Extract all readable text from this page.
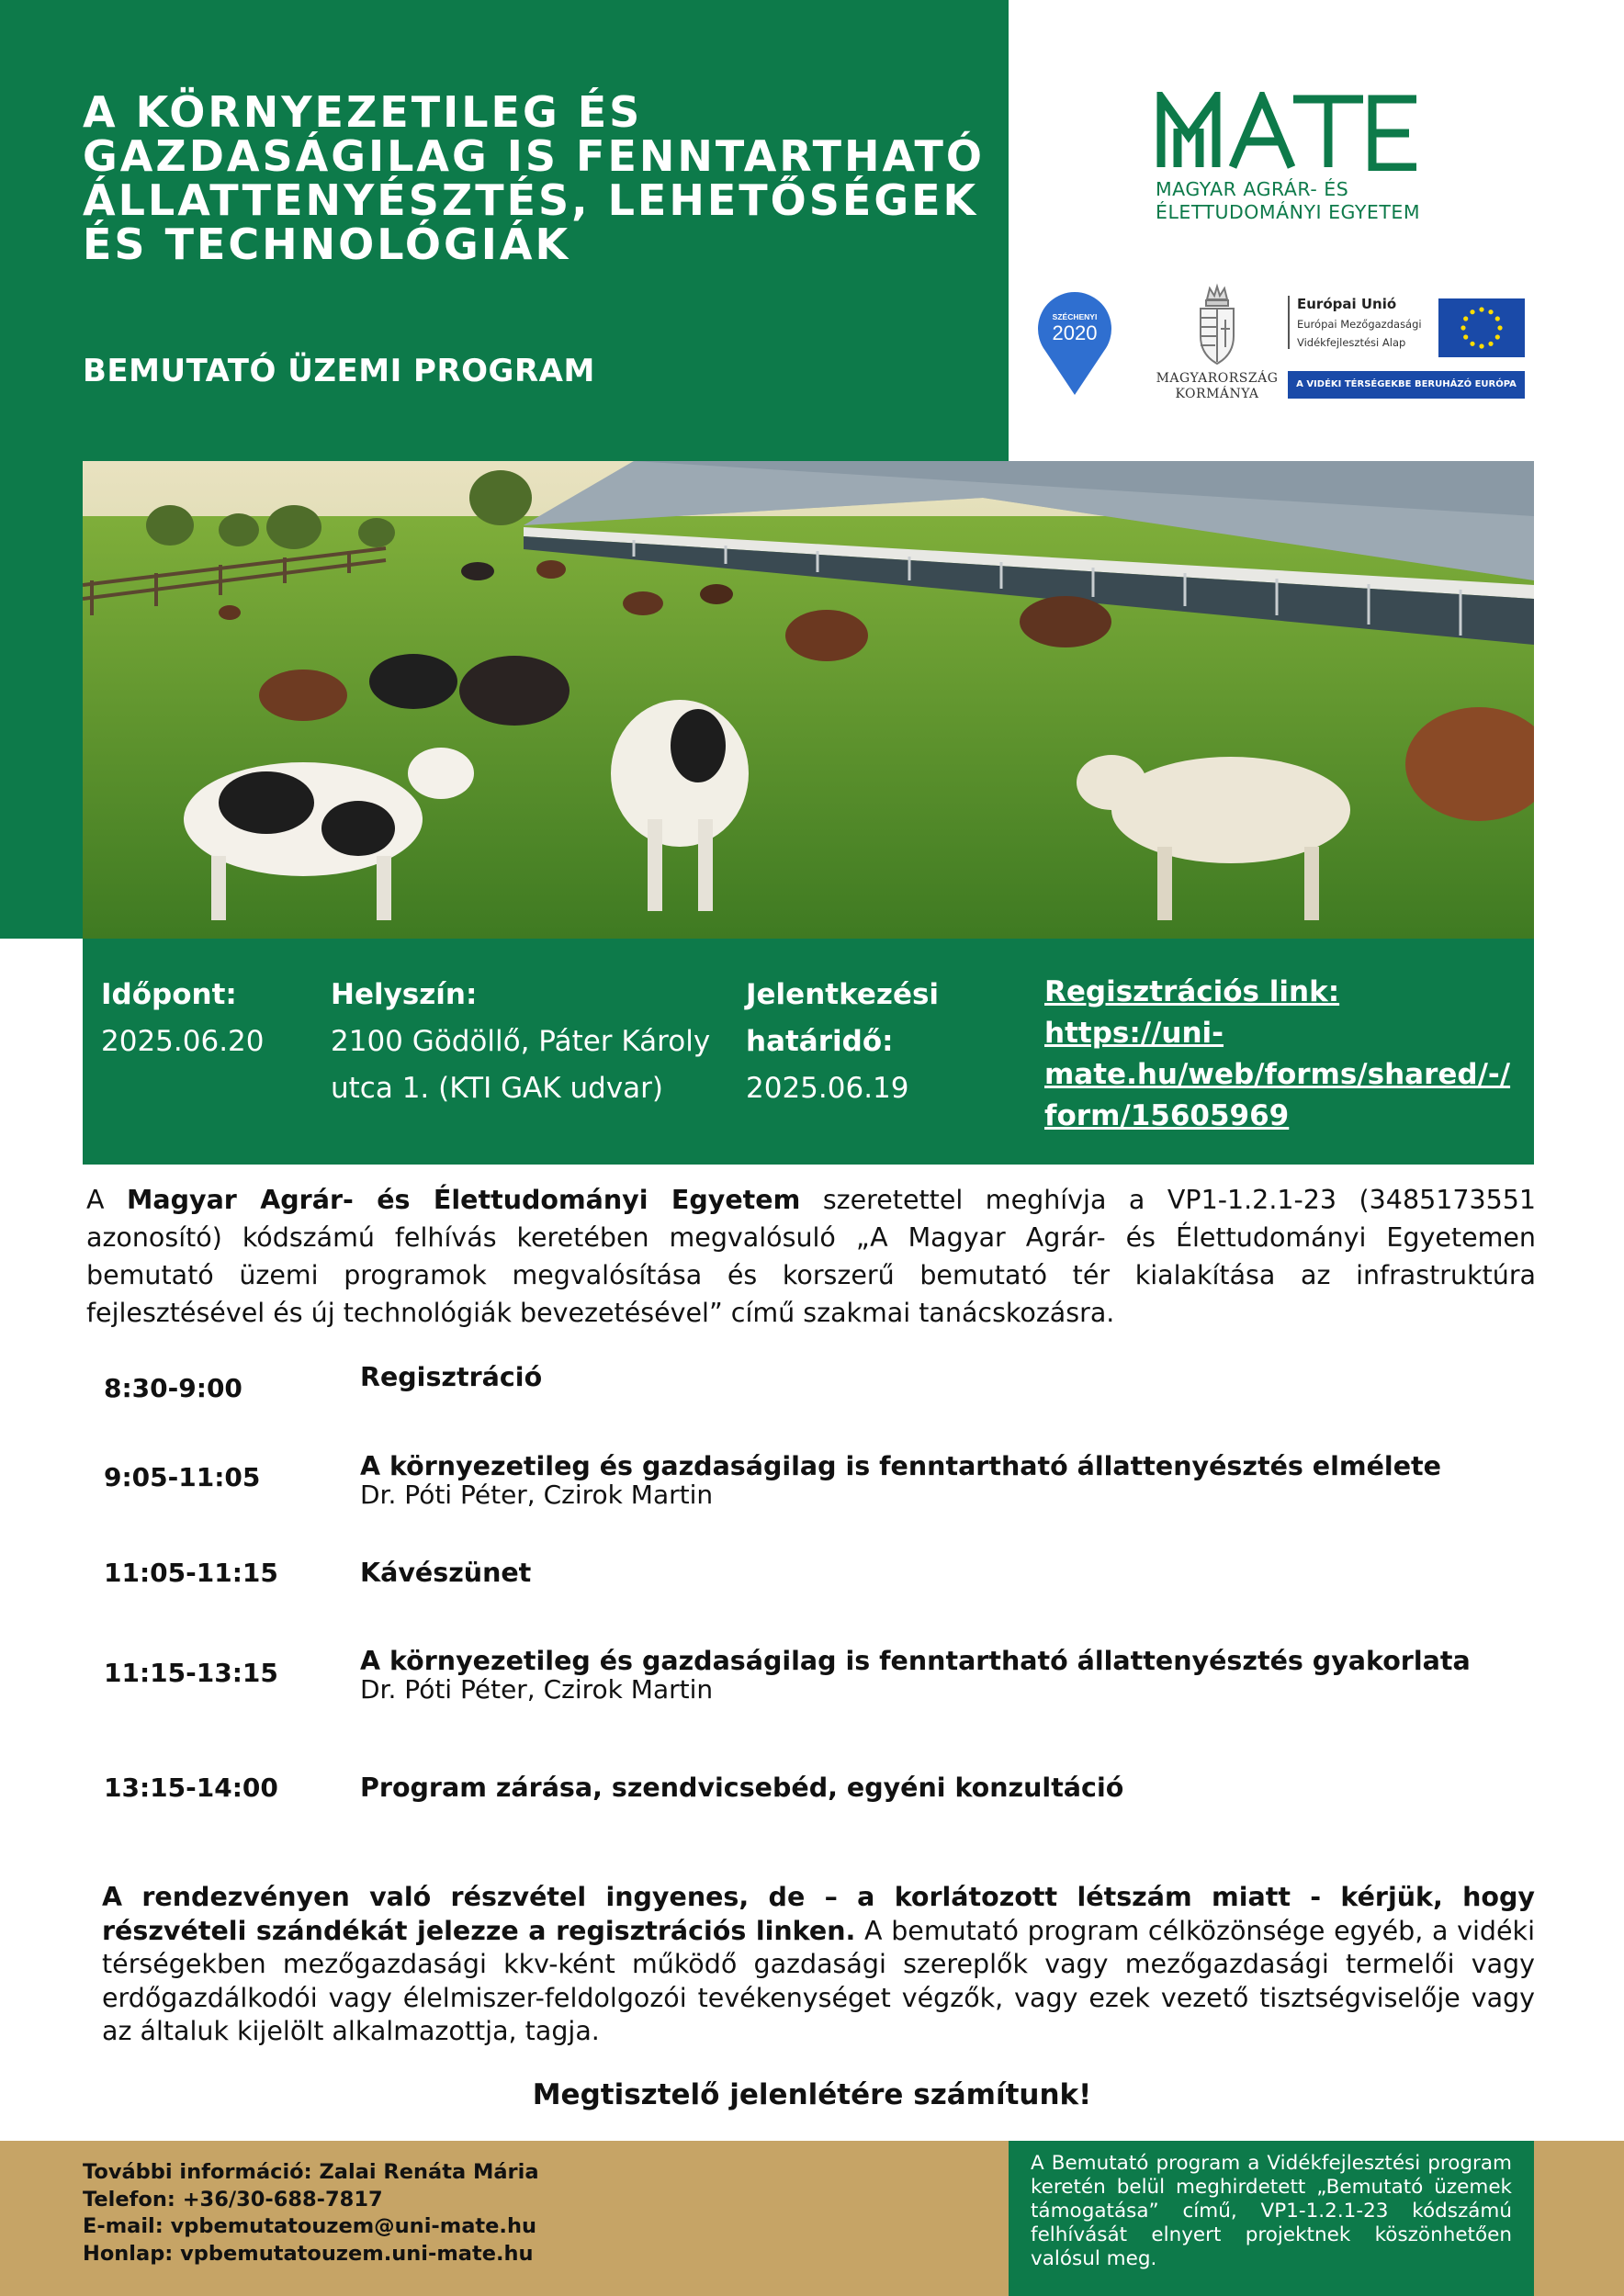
A KÖRNYEZETILEG ÉS GAZDASÁGILAG IS FENNTARTHATÓ ÁLLATTENYÉSZTÉS, LEHETŐSÉGEK ÉS TECHNOLÓGIÁK
BEMUTATÓ ÜZEMI PROGRAM
MAGYAR AGRÁR- ÉS
ÉLETTUDOMÁNYI EGYETEM
SZÉCHENYI
2020
MAGYARORSZÁG
KORMÁNYA
Európai Unió
Európai Mezőgazdasági
Vidékfejlesztési Alap
A VIDÉKI TÉRSÉGEKBE BERUHÁZÓ EURÓPA
Időpont:
2025.06.20
Helyszín:
2100 Gödöllő, Páter Károly
utca 1. (KTI GAK udvar)
Jelentkezési
határidő:
2025.06.19
Regisztrációs link:
https://uni-
mate.hu/web/forms/shared/-/
form/15605969

A Magyar Agrár- és Élettudományi Egyetem szeretettel meghívja a VP1-1.2.1-23 (3485173551 azonosító) kódszámú felhívás keretében megvalósuló „A Magyar Agrár- és Élettudományi Egyetemen bemutató üzemi programok megvalósítása és korszerű bemutató tér kialakítása az infrastruktúra fejlesztésével és új technológiák bevezetésével” című szakmai tanácskozásra.

8:30-9:00	Regisztráció
9:05-11:05	A környezetileg és gazdaságilag is fenntartható állattenyésztés elmélete
Dr. Póti Péter, Czirok Martin
11:05-11:15	Kávészünet
11:15-13:15	A környezetileg és gazdaságilag is fenntartható állattenyésztés gyakorlata
Dr. Póti Péter, Czirok Martin
13:15-14:00	Program zárása, szendvicsebéd, egyéni konzultáció

A rendezvényen való részvétel ingyenes, de – a korlátozott létszám miatt - kérjük, hogy részvételi szándékát jelezze a regisztrációs linken. A bemutató program célközönsége egyéb, a vidéki térségekben mezőgazdasági kkv-ként működő gazdasági szereplők vagy mezőgazdasági termelői vagy erdőgazdálkodói vagy élelmiszer-feldolgozói tevékenységet végzők, vagy ezek vezető tisztségviselője vagy az általuk kijelölt alkalmazottja, tagja.

Megtisztelő jelenlétére számítunk!

További információ: Zalai Renáta Mária
Telefon: +36/30-688-7817
E-mail: vpbemutatouzem@uni-mate.hu
Honlap: vpbemutatouzem.uni-mate.hu
A Bemutató program a Vidékfejlesztési program keretén belül meghirdetett „Bemutató üzemek támogatása” című, VP1-1.2.1-23 kódszámú felhívását elnyert projektnek köszönhetően valósul meg.
